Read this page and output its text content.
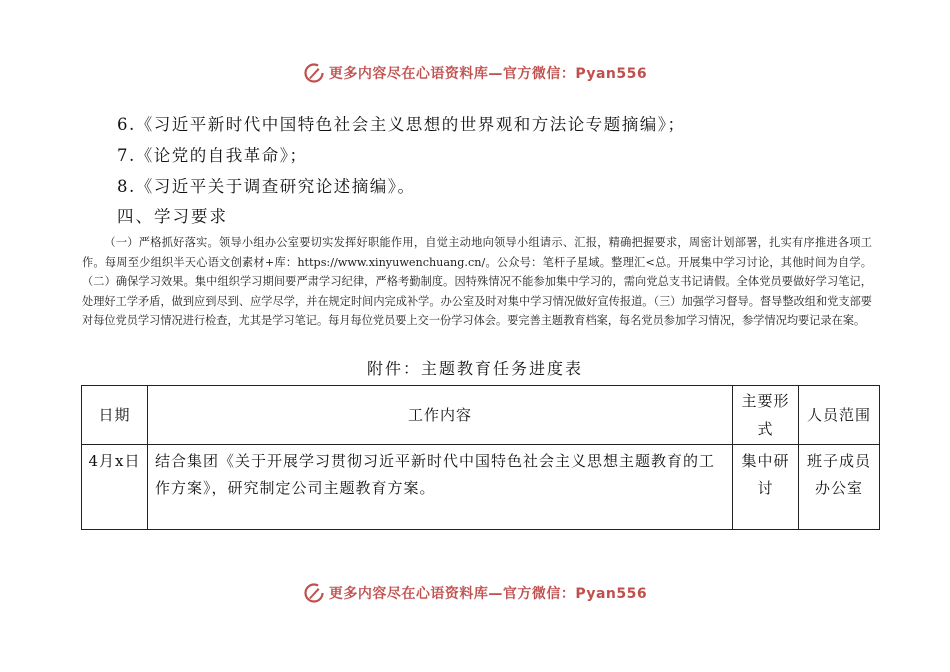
更多内容尽在心语资料库—官方微信：Pyan556
6.《习近平新时代中国特色社会主义思想的世界观和方法论专题摘编》；
7.《论党的自我革命》；
8.《习近平关于调查研究论述摘编》。
四、学习要求
（一）严格抓好落实。领导小组办公室要切实发挥好职能作用，自觉主动地向领导小组请示、汇报，精确把握要求，周密计划部署，扎实有序推进各项工作。每周至少组织半天心语文创素材+库：https://www.xinyuwenchuang.cn/。公众号：笔杆子星域。整理汇<总。开展集中学习讨论，其他时间为自学。（二）确保学习效果。集中组织学习期间要严肃学习纪律，严格考勤制度。因特殊情况不能参加集中学习的，需向党总支书记请假。全体党员要做好学习笔记，处理好工学矛盾，做到应到尽到、应学尽学，并在规定时间内完成补学。办公室及时对集中学习情况做好宣传报道。（三）加强学习督导。督导整改组和党支部要对每位党员学习情况进行检查，尤其是学习笔记。每月每位党员要上交一份学习体会。要完善主题教育档案，每名党员参加学习情况，参学情况均要记录在案。
附件：主题教育任务进度表
日期	工作内容	主要形式	人员范围

4月x日	结合集团《关于开展学习贯彻习近平新时代中国特色社会主义思想主题教育的工作方案》，研究制定公司主题教育方案。	集中研讨	班子成员
办公室
更多内容尽在心语资料库—官方微信：Pyan556
